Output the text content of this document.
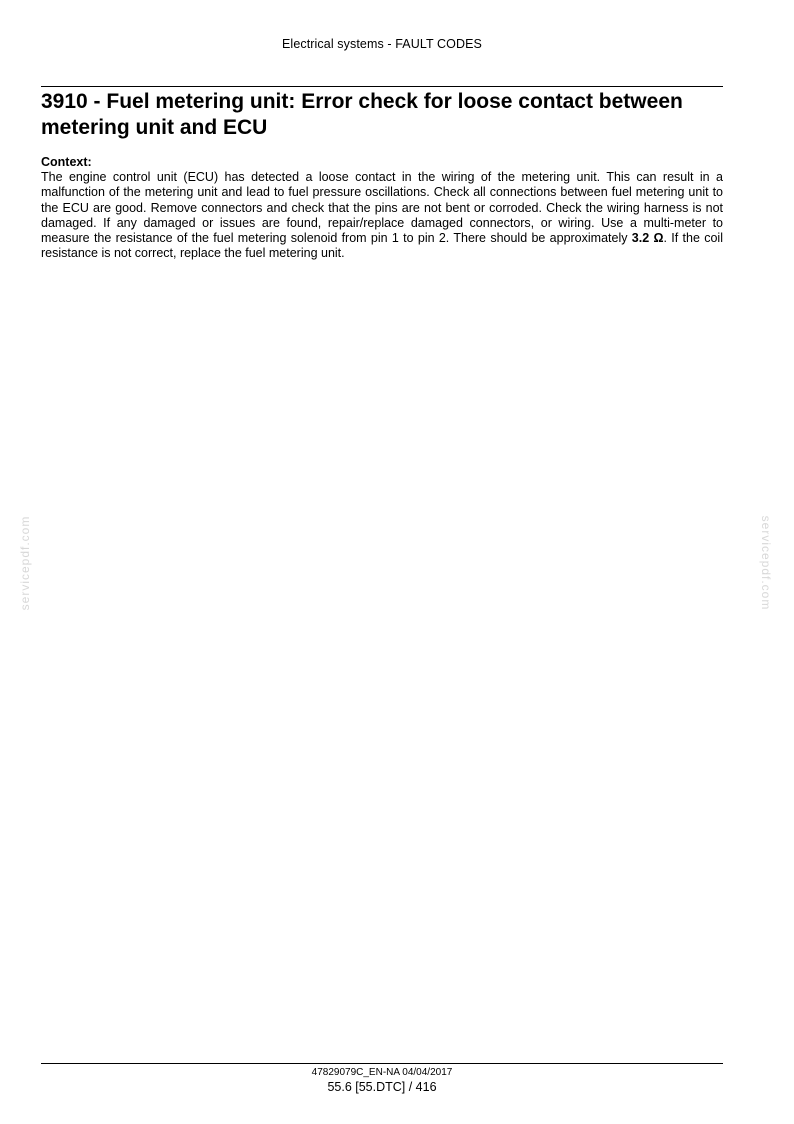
Electrical systems - FAULT CODES
3910 - Fuel metering unit: Error check for loose contact between metering unit and ECU
Context:

The engine control unit (ECU) has detected a loose contact in the wiring of the metering unit. This can result in a malfunction of the metering unit and lead to fuel pressure oscillations. Check all connections between fuel metering unit to the ECU are good. Remove connectors and check that the pins are not bent or corroded. Check the wiring harness is not damaged. If any damaged or issues are found, repair/replace damaged connectors, or wiring. Use a multi-meter to measure the resistance of the fuel metering solenoid from pin 1 to pin 2. There should be approximately 3.2 Ω. If the coil resistance is not correct, replace the fuel metering unit.

servicepdf.com	servicepdf.com
47829079C_EN-NA 04/04/2017
55.6 [55.DTC] / 416
